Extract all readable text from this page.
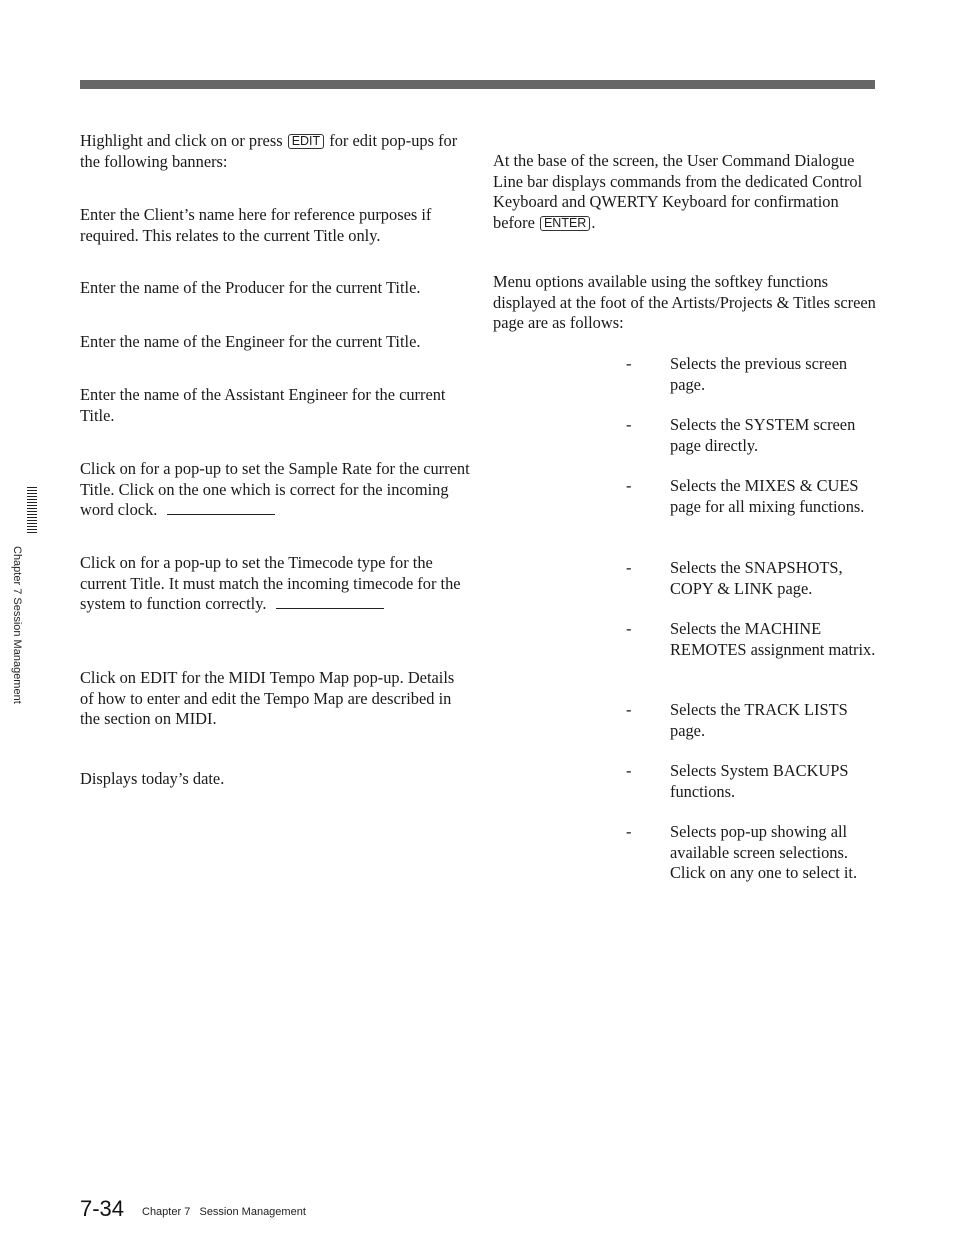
Highlight and click on or press EDIT for edit pop-ups for the following banners:

Enter the Client’s name here for reference purposes if required. This relates to the current Title only.

Enter the name of the Producer for the current Title.

Enter the name of the Engineer for the current Title.

Enter the name of the Assistant Engineer for the current Title.

Click on for a pop-up to set the Sample Rate for the current Title. Click on the one which is correct for the incoming word clock.

Click on for a pop-up to set the Timecode type for the current Title. It must match the incoming timecode for the system to function correctly.

Click on EDIT for the MIDI Tempo Map pop-up. Details of how to enter and edit the Tempo Map are described in the section on MIDI.

Displays today’s date.

At the base of the screen, the User Command Dialogue Line bar displays commands from the dedicated Control Keyboard and QWERTY Keyboard for confirmation before ENTER .

Menu options available using the softkey functions displayed at the foot of the Artists/Projects & Titles screen page are as follows:

- Selects the previous screen page.
- Selects the SYSTEM screen page directly.
- Selects the MIXES & CUES page for all mixing functions.
- Selects the SNAPSHOTS, COPY & LINK page.
- Selects the MACHINE REMOTES assignment matrix.
- Selects the TRACK LISTS page.
- Selects System BACKUPS functions.
- Selects pop-up showing all available screen selections. Click on any one to select it.
Chapter 7 Session Management
7-34 Chapter 7   Session Management
